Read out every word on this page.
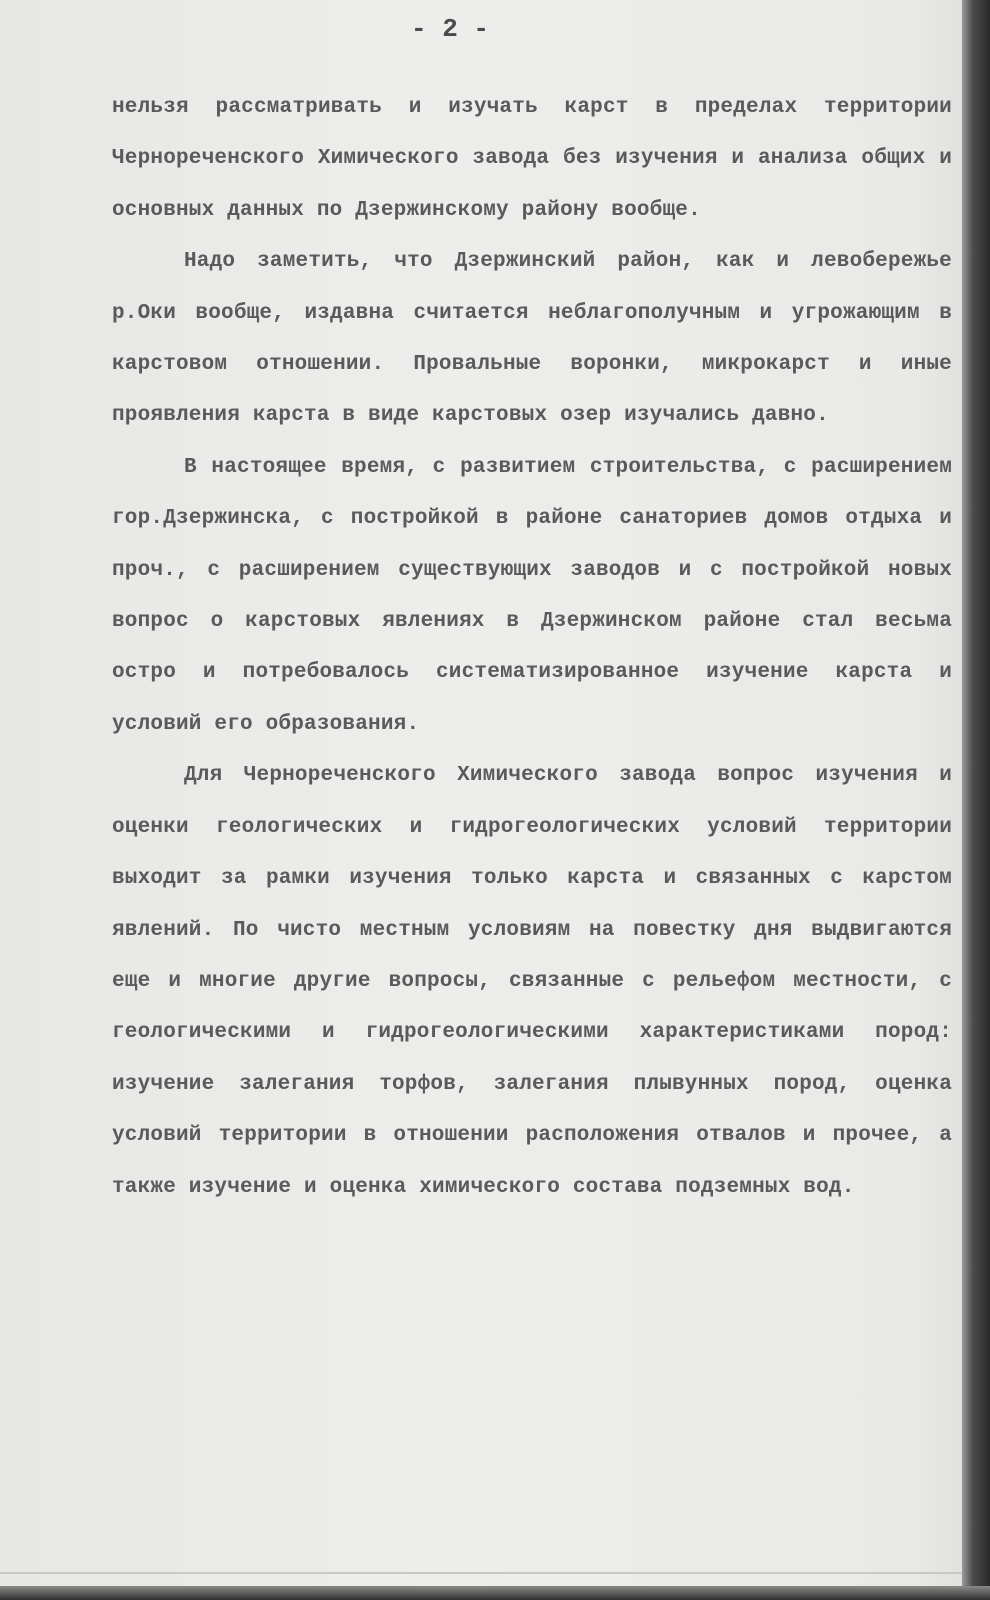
- 2 -

нельзя рассматривать и изучать карст в пределах территории Чернореченского Химического завода без изучения и анализа общих и основных данных по Дзержинскому району вообще.

Надо заметить, что Дзержинский район, как и левобережье р.Оки вообще, издавна считается неблагополучным и угрожающим в карстовом отношении. Провальные воронки, микрокарст и иные проявления карста в виде карстовых озер изучались давно.

В настоящее время, с развитием строительства, с расширением гор.Дзержинска, с постройкой в районе санаториев домов отдыха и проч., с расширением существующих заводов и с постройкой новых вопрос о карстовых явлениях в Дзержинском районе стал весьма остро и потребовалось систематизированное изучение карста и условий его образования.

Для Чернореченского Химического завода вопрос изучения и оценки геологических и гидрогеологических условий территории выходит за рамки изучения только карста и связанных с карстом явлений. По чисто местным условиям на повестку дня выдвигаются еще и многие другие вопросы, связанные с рельефом местности, с геологическими и гидрогеологическими характеристиками пород: изучение залегания торфов, залегания плывунных пород, оценка условий территории в отношении расположения отвалов и прочее, а также изучение и оценка химического состава подземных вод.
